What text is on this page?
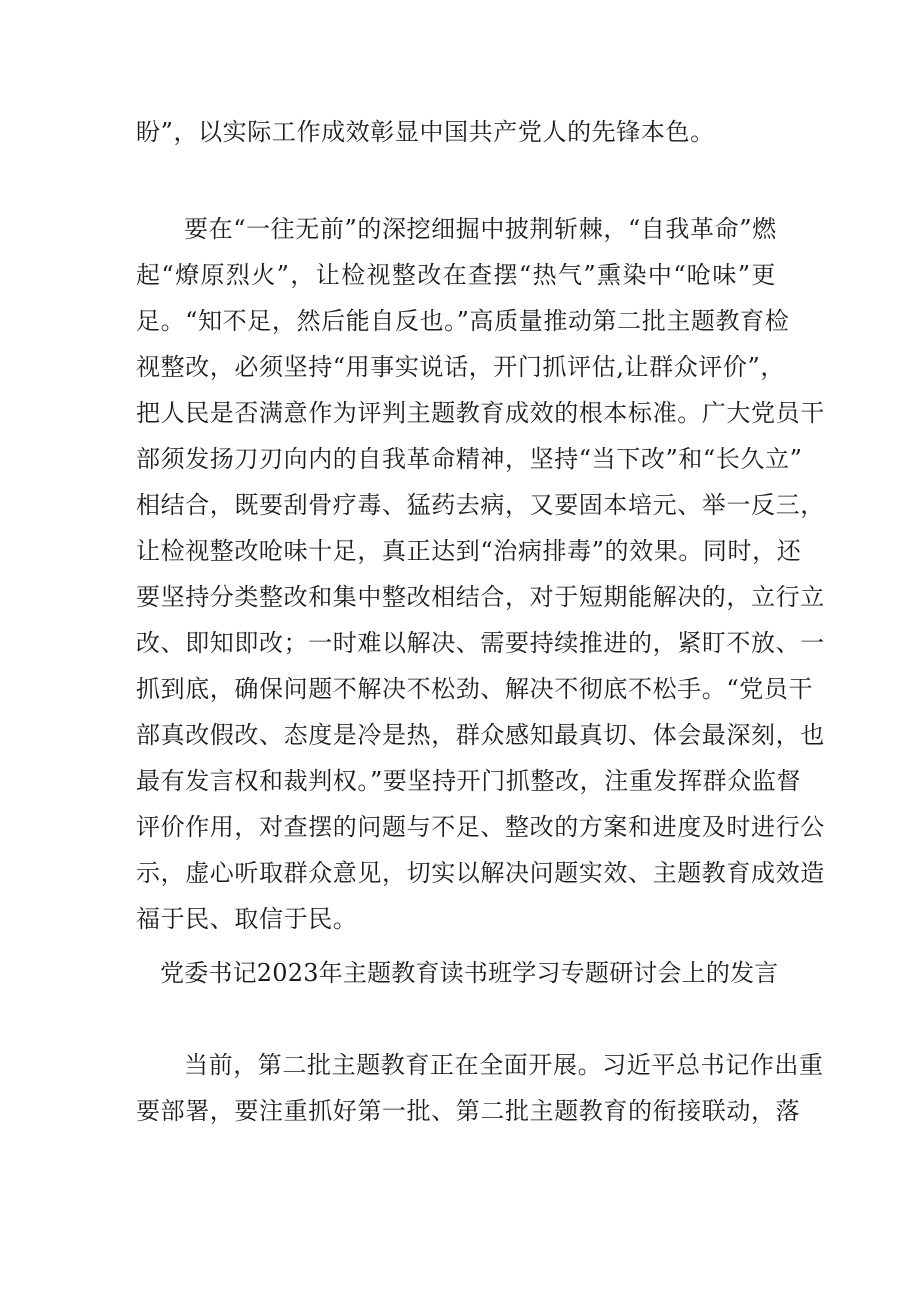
盼”，以实际工作成效彰显中国共产党人的先锋本色。
要在“一往无前”的深挖细掘中披荆斩棘，“自我革命”燃
起“燎原烈火”，让检视整改在查摆“热气”熏染中“呛味”更
足。“知不足，然后能自反也。”高质量推动第二批主题教育检
视整改，必须坚持“用事实说话，开门抓评估,让群众评价”，
把人民是否满意作为评判主题教育成效的根本标准。广大党员干
部须发扬刀刃向内的自我革命精神，坚持“当下改”和“长久立”
相结合，既要刮骨疗毒、猛药去病，又要固本培元、举一反三，
让检视整改呛味十足，真正达到“治病排毒”的效果。同时，还
要坚持分类整改和集中整改相结合，对于短期能解决的，立行立
改、即知即改；一时难以解决、需要持续推进的，紧盯不放、一
抓到底，确保问题不解决不松劲、解决不彻底不松手。“党员干
部真改假改、态度是冷是热，群众感知最真切、体会最深刻，也
最有发言权和裁判权。”要坚持开门抓整改，注重发挥群众监督
评价作用，对查摆的问题与不足、整改的方案和进度及时进行公
示，虚心听取群众意见，切实以解决问题实效、主题教育成效造
福于民、取信于民。
党委书记2023年主题教育读书班学习专题研讨会上的发言
当前，第二批主题教育正在全面开展。习近平总书记作出重
要部署，要注重抓好第一批、第二批主题教育的衔接联动，落
